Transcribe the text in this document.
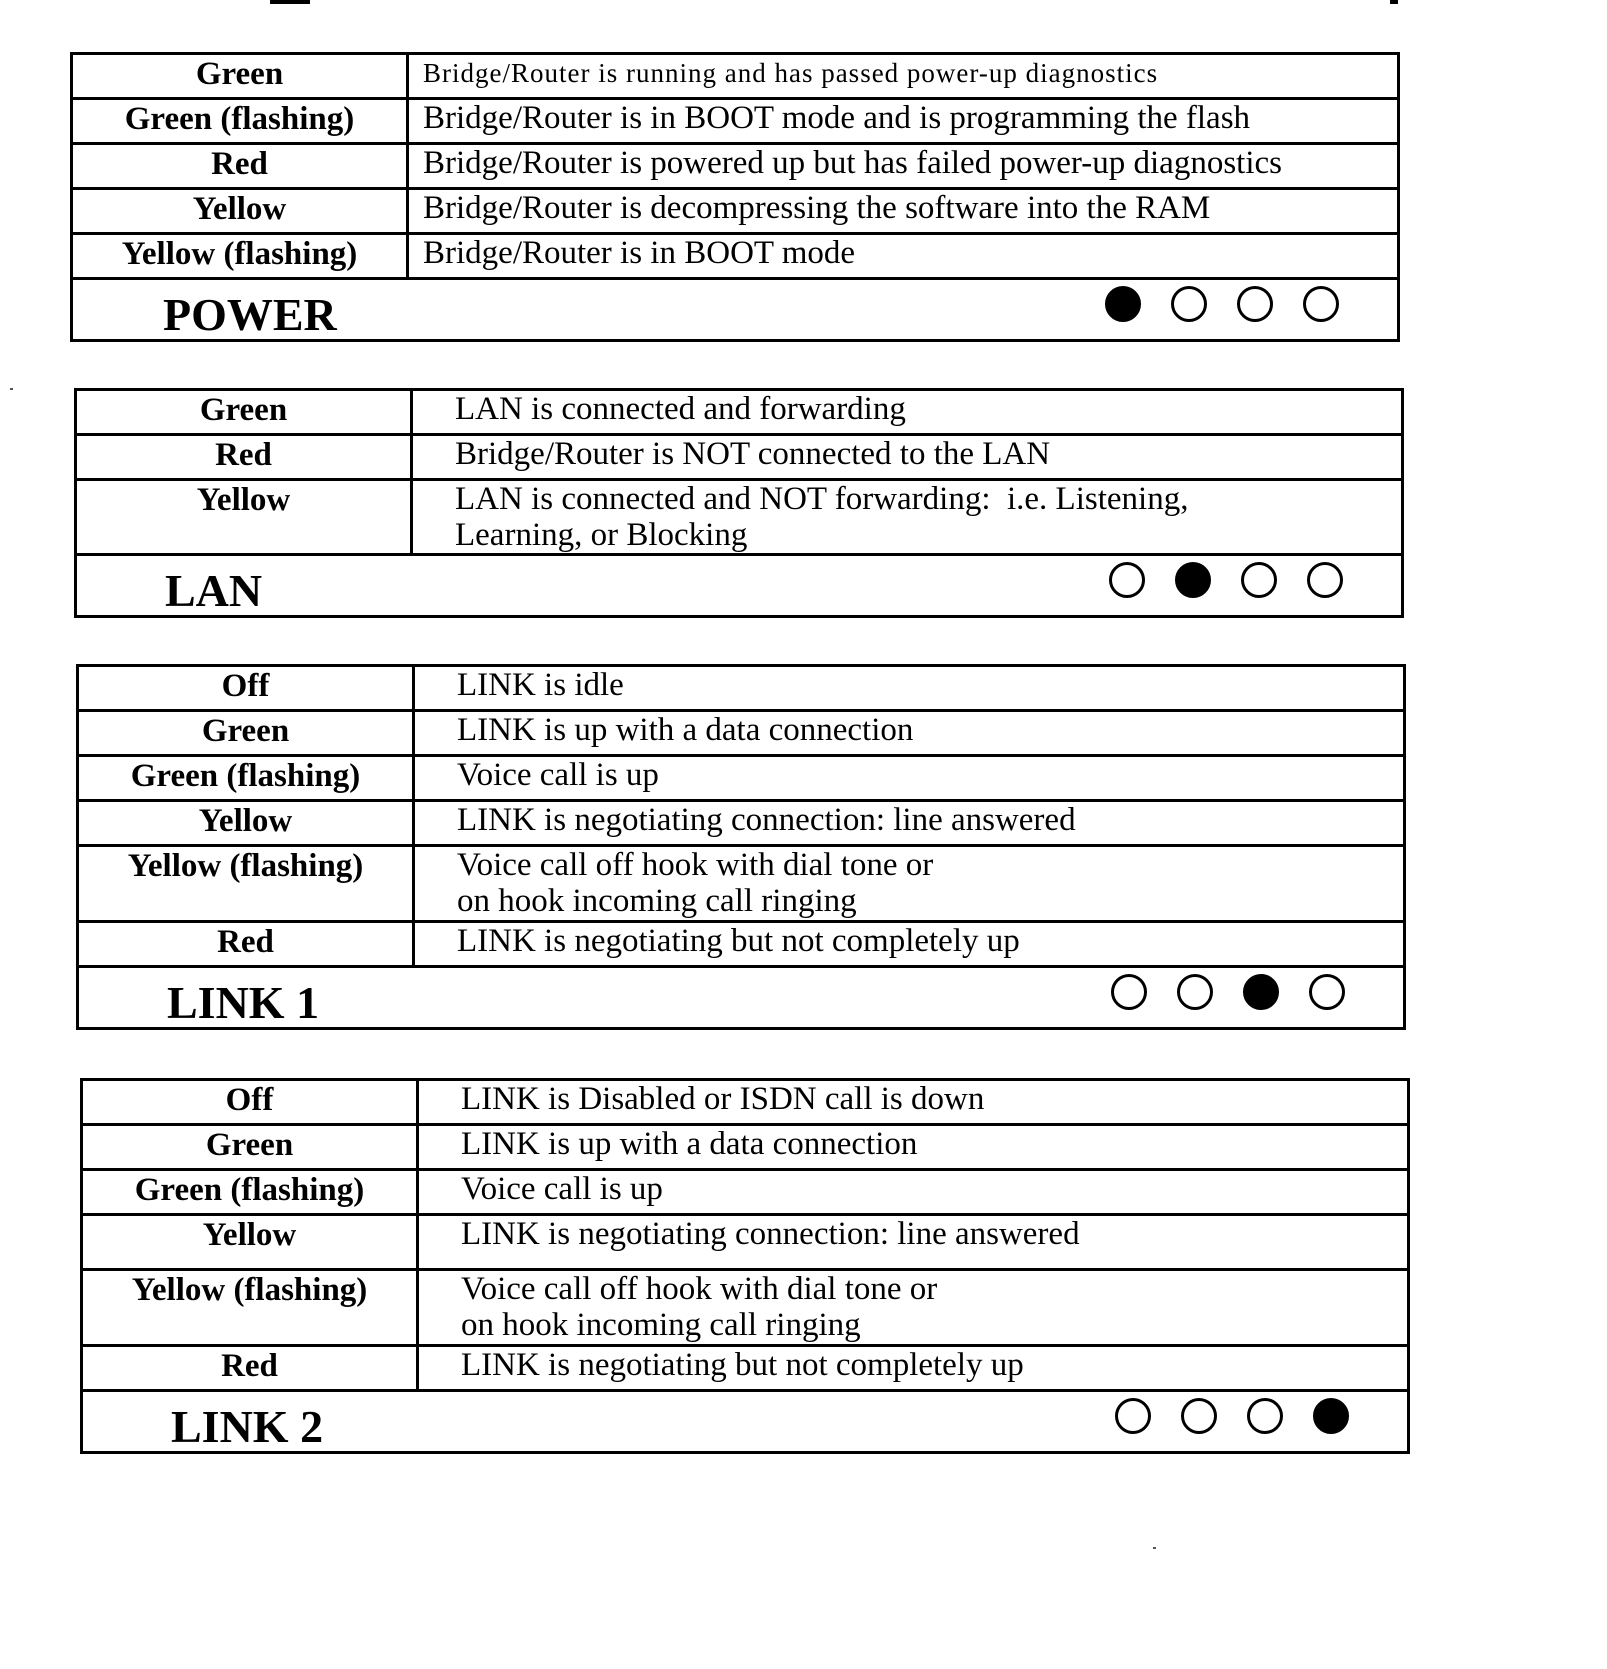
Green	Bridge/Router is running and has passed power-up diagnostics
Green (flashing)	Bridge/Router is in BOOT mode and is programming the flash
Red	Bridge/Router is powered up but has failed power-up diagnostics
Yellow	Bridge/Router is decompressing the software into the RAM
Yellow (flashing)	Bridge/Router is in BOOT mode

POWER	
Green	LAN is connected and forwarding
Red	Bridge/Router is NOT connected to the LAN
Yellow	LAN is connected and NOT forwarding:  i.e. Listening,
Learning, or Blocking

LAN	
Off	LINK is idle
Green	LINK is up with a data connection
Green (flashing)	Voice call is up
Yellow	LINK is negotiating connection: line answered
Yellow (flashing)	Voice call off hook with dial tone or
on hook incoming call ringing

Red	LINK is negotiating but not completely up

LINK 1	
Off	LINK is Disabled or ISDN call is down
Green	LINK is up with a data connection
Green (flashing)	Voice call is up
Yellow	LINK is negotiating connection: line answered
Yellow (flashing)	Voice call off hook with dial tone or
on hook incoming call ringing

Red	LINK is negotiating but not completely up

LINK 2	
